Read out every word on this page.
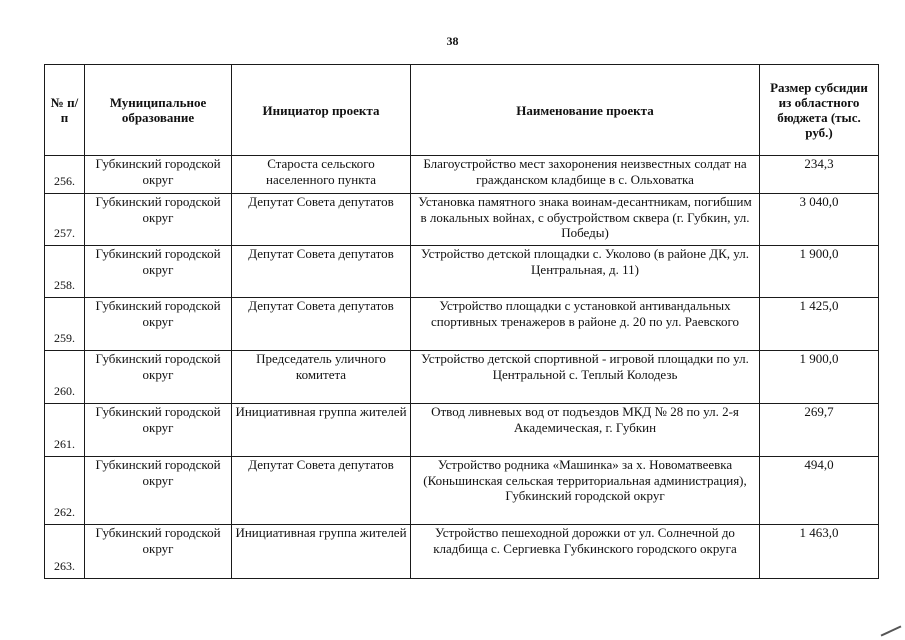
38
№ п/п	Муниципальное образование	Инициатор проекта	Наименование проекта	Размер субсидии из областного бюджета (тыс. руб.)
256.	Губкинский городской округ	Староста сельского населенного пункта	Благоустройство мест захоронения неизвестных солдат на гражданском кладбище в с. Ольховатка	234,3
257.	Губкинский городской округ	Депутат Совета депутатов	Установка памятного знака воинам-десантникам, погибшим в локальных войнах, с обустройством сквера (г. Губкин, ул. Победы)	3 040,0
258.	Губкинский городской округ	Депутат Совета депутатов	Устройство детской площадки с. Уколово (в районе ДК, ул. Центральная, д. 11)	1 900,0
259.	Губкинский городской округ	Депутат Совета депутатов	Устройство площадки с установкой антивандальных спортивных тренажеров в районе д. 20 по ул. Раевского	1 425,0
260.	Губкинский городской округ	Председатель уличного комитета	Устройство детской спортивной - игровой площадки по ул. Центральной с. Теплый Колодезь	1 900,0
261.	Губкинский городской округ	Инициативная группа жителей	Отвод ливневых вод от подъездов МКД № 28 по ул. 2-я Академическая, г. Губкин	269,7
262.	Губкинский городской округ	Депутат Совета депутатов	Устройство родника «Машинка» за х. Новоматвеевка (Коньшинская сельская территориальная администрация), Губкинский городской округ	494,0
263.	Губкинский городской округ	Инициативная группа жителей	Устройство пешеходной дорожки от ул. Солнечной до кладбища с. Сергиевка Губкинского городского округа	1 463,0
